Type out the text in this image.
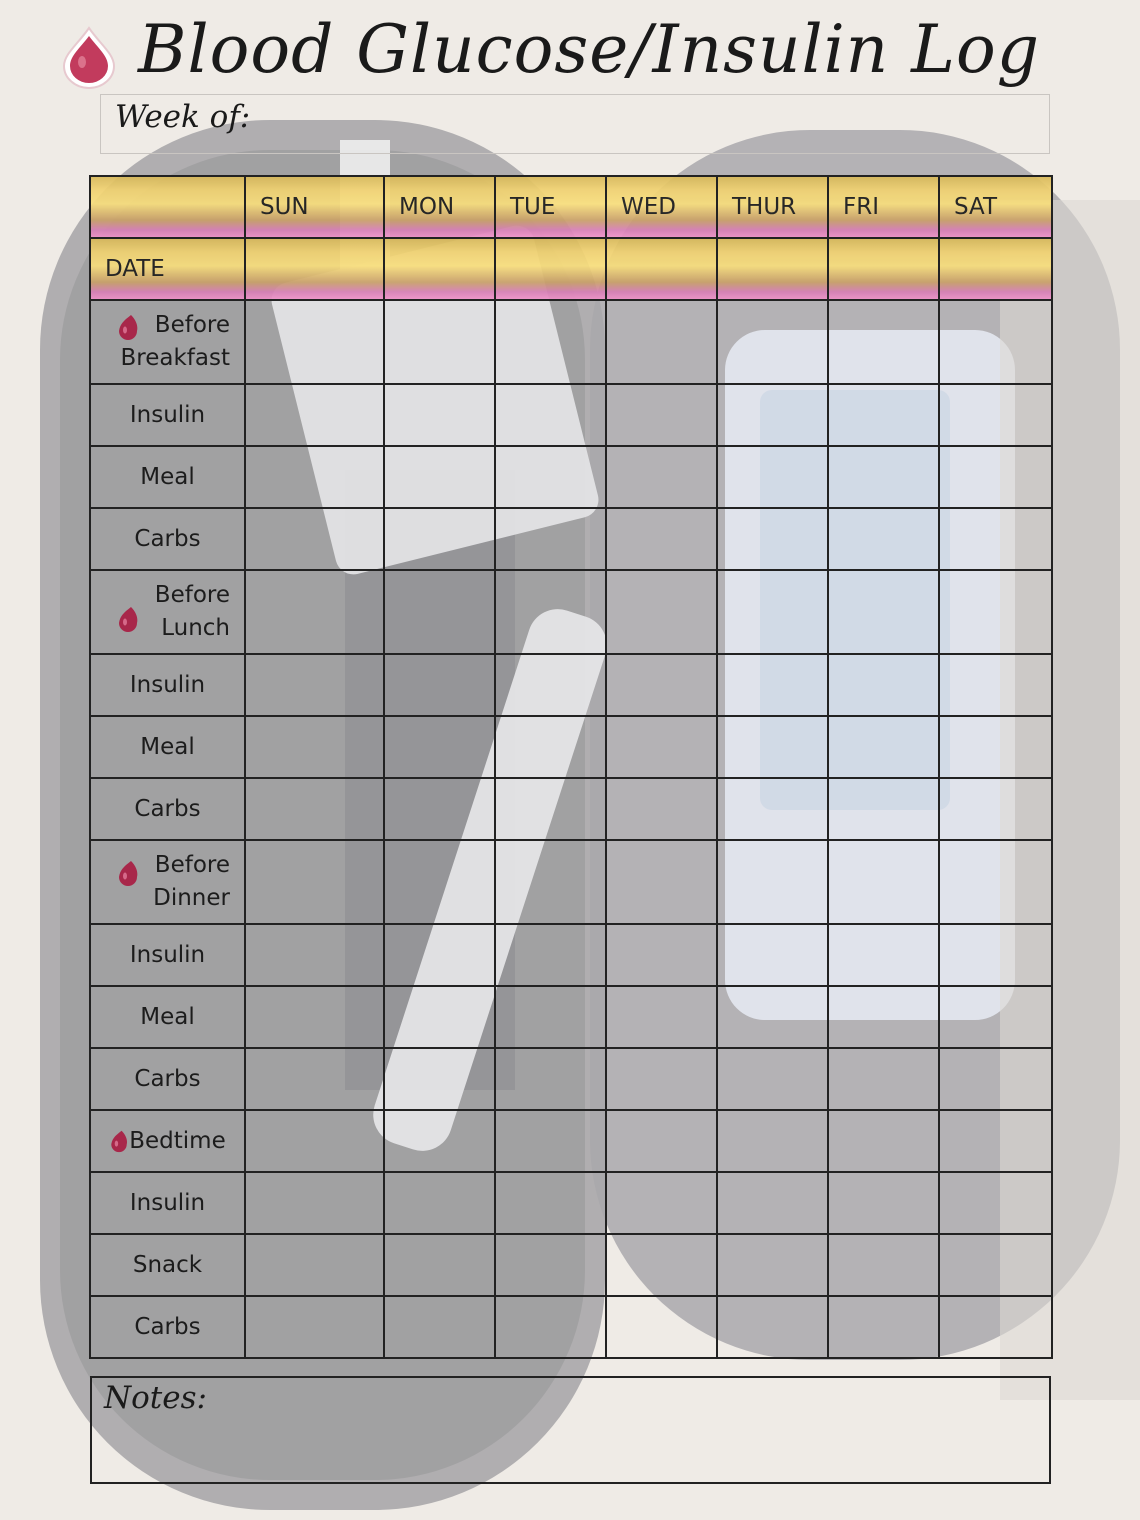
Blood Glucose/Insulin Log
Week of:
	SUN	MON	TUE	WED	THUR	FRI	SAT
DATE							

Before
Breakfast							

Insulin							
Meal							
Carbs							

Before
Lunch							

Insulin							
Meal							
Carbs							

Before
Dinner							

Insulin							
Meal							
Carbs							
Bedtime							
Insulin							
Snack							
Carbs							
Notes:
